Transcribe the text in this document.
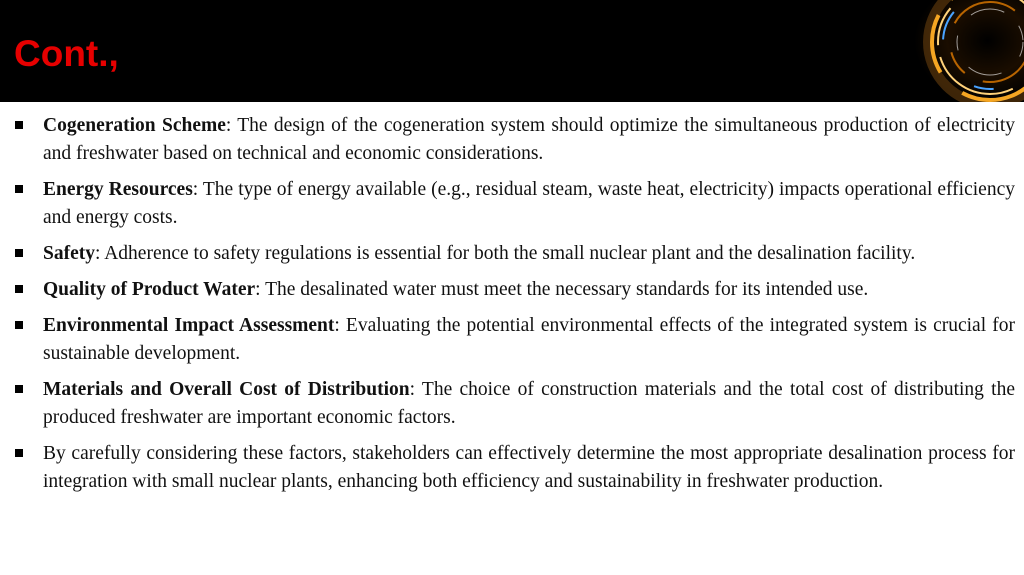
Cont.,
Cogeneration Scheme: The design of the cogeneration system should optimize the simultaneous production of electricity and freshwater based on technical and economic considerations.
Energy Resources: The type of energy available (e.g., residual steam, waste heat, electricity) impacts operational efficiency and energy costs.
Safety: Adherence to safety regulations is essential for both the small nuclear plant and the desalination facility.
Quality of Product Water: The desalinated water must meet the necessary standards for its intended use.
Environmental Impact Assessment: Evaluating the potential environmental effects of the integrated system is crucial for sustainable development.
Materials and Overall Cost of Distribution: The choice of construction materials and the total cost of distributing the produced freshwater are important economic factors.
By carefully considering these factors, stakeholders can effectively determine the most appropriate desalination process for integration with small nuclear plants, enhancing both efficiency and sustainability in freshwater production.
